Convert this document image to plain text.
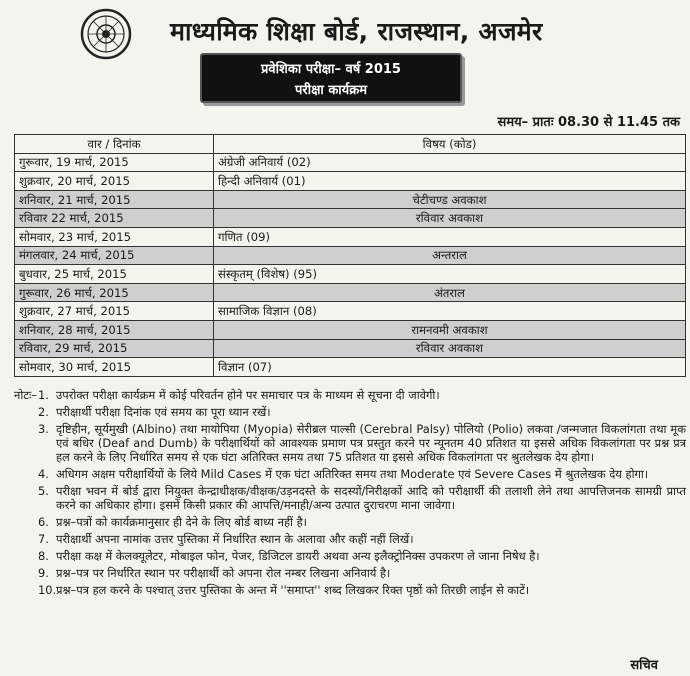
माध्यमिक शिक्षा बोर्ड, राजस्थान, अजमेर
प्रवेशिका परीक्षा– वर्ष 2015
परीक्षा कार्यक्रम
समय– प्रातः 08.30 से 11.45 तक
वार / दिनांक	विषय (कोड)
गुरूवार, 19 मार्च, 2015	अंग्रेजी अनिवार्य (02)
शुक्रवार, 20 मार्च, 2015	हिन्दी अनिवार्य (01)
शनिवार, 21 मार्च, 2015	चेटीचण्ड अवकाश
रविवार 22 मार्च, 2015	रविवार अवकाश
सोमवार, 23 मार्च, 2015	गणित (09)
मंगलवार, 24 मार्च, 2015	अन्तराल
बुधवार, 25 मार्च, 2015	संस्कृतम् (विशेष) (95)
गुरूवार, 26 मार्च, 2015	अंतराल
शुक्रवार, 27 मार्च, 2015	सामाजिक विज्ञान (08)
शनिवार, 28 मार्च, 2015	रामनवमी अवकाश
रविवार, 29 मार्च, 2015	रविवार अवकाश
सोमवार, 30 मार्च, 2015	विज्ञान (07)
नोटः– 1. उपरोक्त परीक्षा कार्यक्रम में कोई परिवर्तन होने पर समाचार पत्र के माध्यम से सूचना दी जावेगी।
2. परीक्षार्थी परीक्षा दिनांक एवं समय का पूरा ध्यान रखें।
3. दृष्टिहीन, सूर्यमुखी (Albino) तथा मायोपिया (Myopia) सेरीब्रल पाल्सी (Cerebral Palsy) पोलियो (Polio) लकवा /जन्मजात विकलांगता तथा मूक एवं बधिर (Deaf and Dumb) के परीक्षार्थियों को आवश्यक प्रमाण पत्र प्रस्तुत करने पर न्यूनतम 40 प्रतिशत या इससे अधिक विकलांगता पर प्रश्न प्रत्र हल करने के लिए निर्धारित समय से एक घंटा अतिरिक्त समय तथा 75 प्रतिशत या इससे अधिक विकलांगता पर श्रुतलेखक देय होगा।
4. अधिगम अक्षम परीक्षार्थियों के लिये Mild Cases में एक घंटा अतिरिक्त समय तथा Moderate एवं Severe Cases में श्रुतलेखक देय होगा।
5. परीक्षा भवन में बोर्ड द्वारा नियुक्त केन्द्राधीक्षक/वीक्षक/उड़नदस्ते के सदस्यों/निरीक्षकों आदि को परीक्षार्थी की तलाशी लेने तथा आपत्तिजनक सामग्री प्राप्त करने का अधिकार होगा। इसमें किसी प्रकार की आपत्ति/मनाही/अन्य उत्पात दुराचरण माना जावेगा।
6. प्रश्न–पत्रों को कार्यक्रमानुसार ही देने के लिए बोर्ड बाध्य नहीं है।
7. परीक्षार्थी अपना नामांक उत्तर पुस्तिका में निर्धारित स्थान के अलावा और कहीं नहीं लिखें।
8. परीक्षा कक्ष में केलक्यूलेटर, मोबाइल फोन, पेजर, डिजिटल डायरी अथवा अन्य इलैक्ट्रोनिक्स उपकरण ले जाना निषेध है।
9. प्रश्न–पत्र पर निर्धारित स्थान पर परीक्षार्थी को अपना रोल नम्बर लिखना अनिवार्य है।
10. प्रश्न–पत्र हल करने के पश्चात् उत्तर पुस्तिका के अन्त में ''समाप्त'' शब्द लिखकर रिक्त पृष्ठों को तिरछी लाईन से काटें।
सचिव
